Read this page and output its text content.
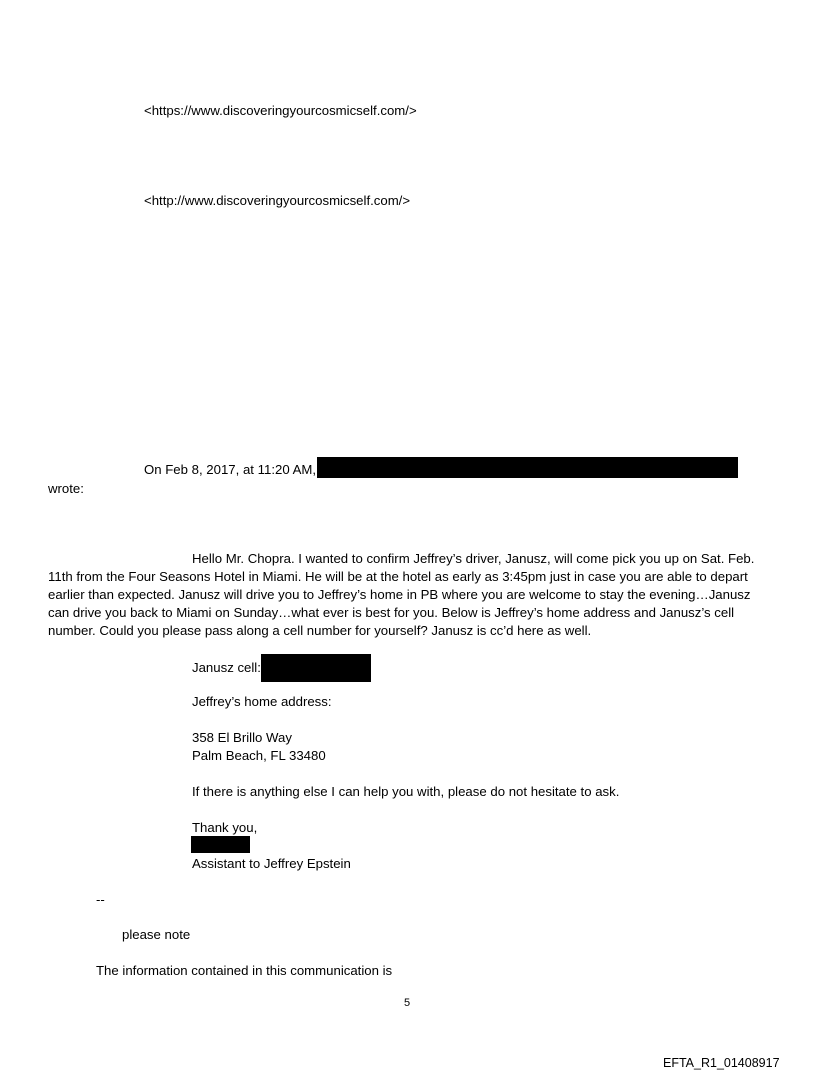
<https://www.discoveringyourcosmicself.com/>
<http://www.discoveringyourcosmicself.com/>
On Feb 8, 2017, at 11:20 AM,
wrote:
Hello Mr. Chopra. I wanted to confirm Jeffrey’s driver, Janusz, will come pick you up on Sat. Feb. 11th from the Four Seasons Hotel in Miami. He will be at the hotel as early as 3:45pm just in case you are able to depart earlier than expected. Janusz will drive you to Jeffrey’s home in PB where you are welcome to stay the evening…Janusz can drive you back to Miami on Sunday…what ever is best for you. Below is Jeffrey’s home address and Janusz’s cell number. Could you please pass along a cell number for yourself? Janusz is cc’d here as well.
Janusz cell:
Jeffrey’s home address:
358 El Brillo Way
Palm Beach, FL 33480
If there is anything else I can help you with, please do not hesitate to ask.
Thank you,
Assistant to Jeffrey Epstein
--
please note
The information contained in this communication is
5
EFTA_R1_01408917
